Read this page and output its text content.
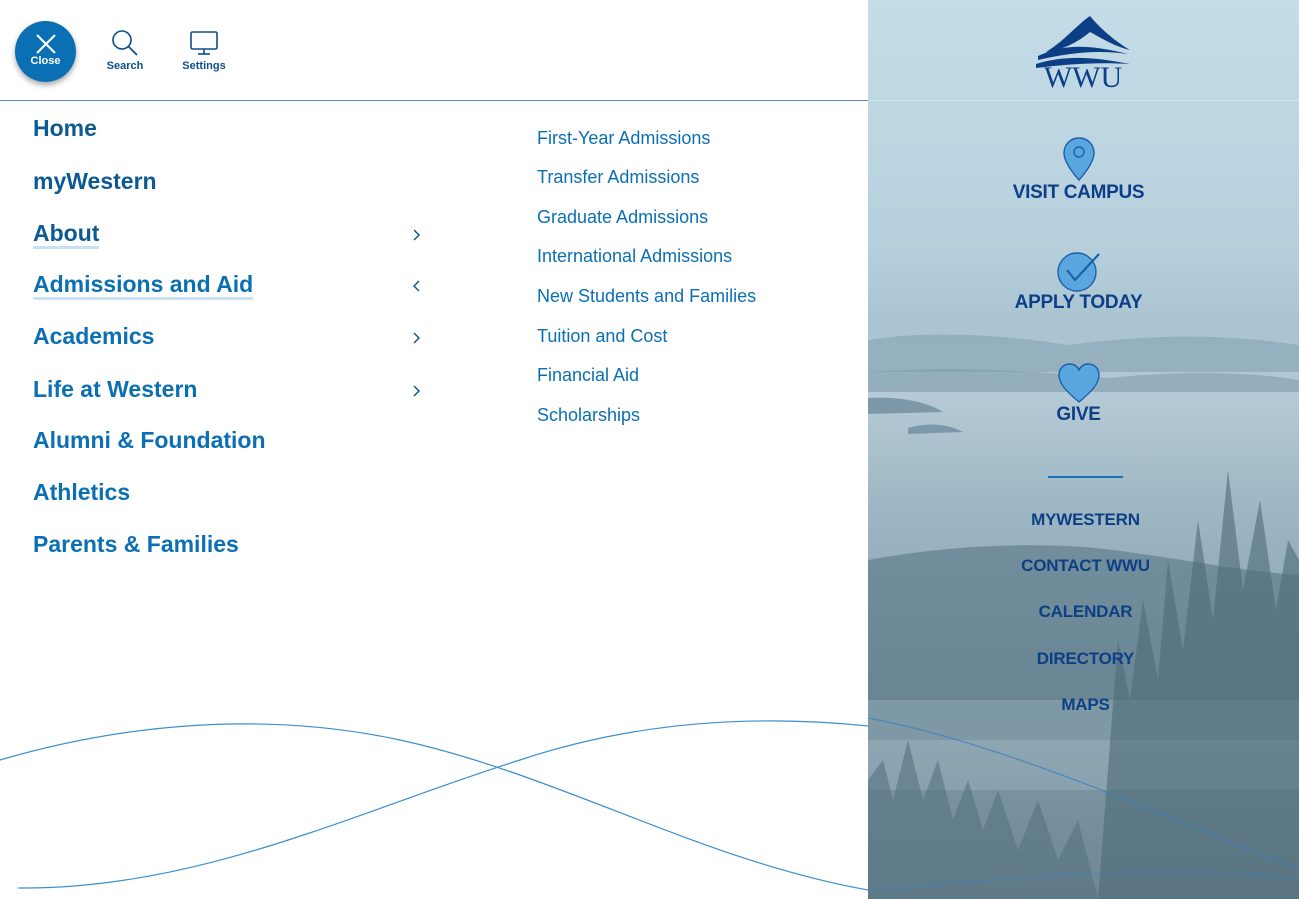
Close	Search	Settings
Home
myWestern
About
Admissions and Aid
Academics
Life at Western
Alumni & Foundation
Athletics
Parents & Families
First-Year Admissions
Transfer Admissions
Graduate Admissions
International Admissions
New Students and Families
Tuition and Cost
Financial Aid
Scholarships
WWU
VISIT CAMPUS
APPLY TODAY
GIVE
MYWESTERN
CONTACT WWU
CALENDAR
DIRECTORY
MAPS
